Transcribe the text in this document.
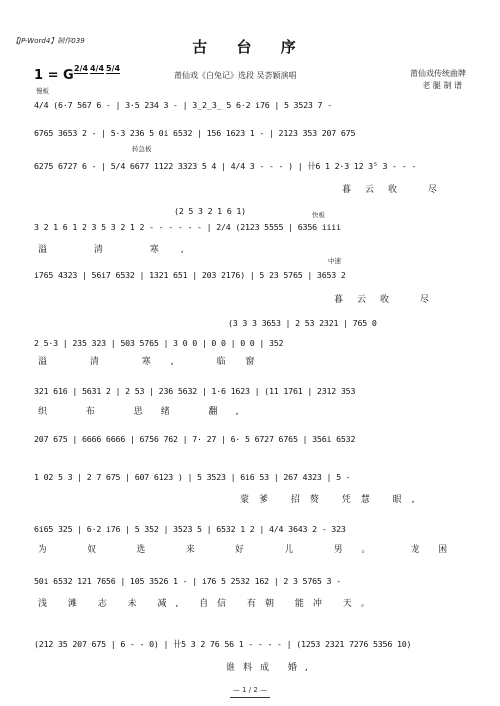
【JP-Word4】制作039	古 台 序
1 = G 2/4 4/4 5/4
莆仙戏《白兔记》选段 吴荟颖演唱	莆仙戏传统曲牌
老 腿 制 谱
慢板
转急板
快板
中速
4/4 (6·7 567 6 - | 3·5 234 3 - | 3̲2̲3̲ 5 6·2 i76 | 5 3523 7 -
6765 3653 2 - | 5·3 236 5 0i 6532 | 156 1623 1 - | 2123 353 207 675
6275 6727 6 - | 5/4 6677 1122 3323 5 4 | 4/4 3 - - - ) | 卄6 1 2·3 12 3⁵ 3 - - -
暮云收 尽
(2 5 3 2 1 6 1)
3 2 1 6 1 2 3 5 3 2 1 2 - - - - - - | 2/4 (2123 5555 | 6356 iiii
溢 清 寒,
i765 4323 | 56i7 6532 | 1321 651 | 203 2176) | 5 23 5765 | 3653 2
暮云收 尽
(3 3 3 3653 | 2 53 2321 | 765 0
2 5·3 | 235 323 | 503 5765 | 3 0 0 | 0 0 | 0 0 | 352
溢 清 寒, 临窗
321 616 | 5631 2 | 2 53 | 236 5632 | 1·6 1623 | (11 1761 | 2312 353
织 布 思绪 翻,
207 675 | 6666 6666 | 6756 762 | 7· 27 | 6· 5 6727 6765 | 356i 6532
1 02 5 3 | 2 7 675 | 607 6123 ) | 5 3523 | 6i6 53 | 267 4323 | 5 -
蒙爹 招赘 凭慧 眼,
6i65 325 | 6·2 i76 | 5 352 | 3523 5 | 6532 1 2 | 4/4 3643 2 - 323
为 奴 选 来 好 儿 男。 龙困
50i 6532 121 7656 | 105 3526 1 - | i76 5 2532 162 | 2 3 5765 3 -
浅 滩 志 未 减, 自信 有朝 能冲 天。
(212 35 207 675 | 6 - - 0) | 卄5 3 2 76 56 1 - - - - | (1253 2321 7276 5356 10)
谁料成 婚,
— 1 / 2 —
